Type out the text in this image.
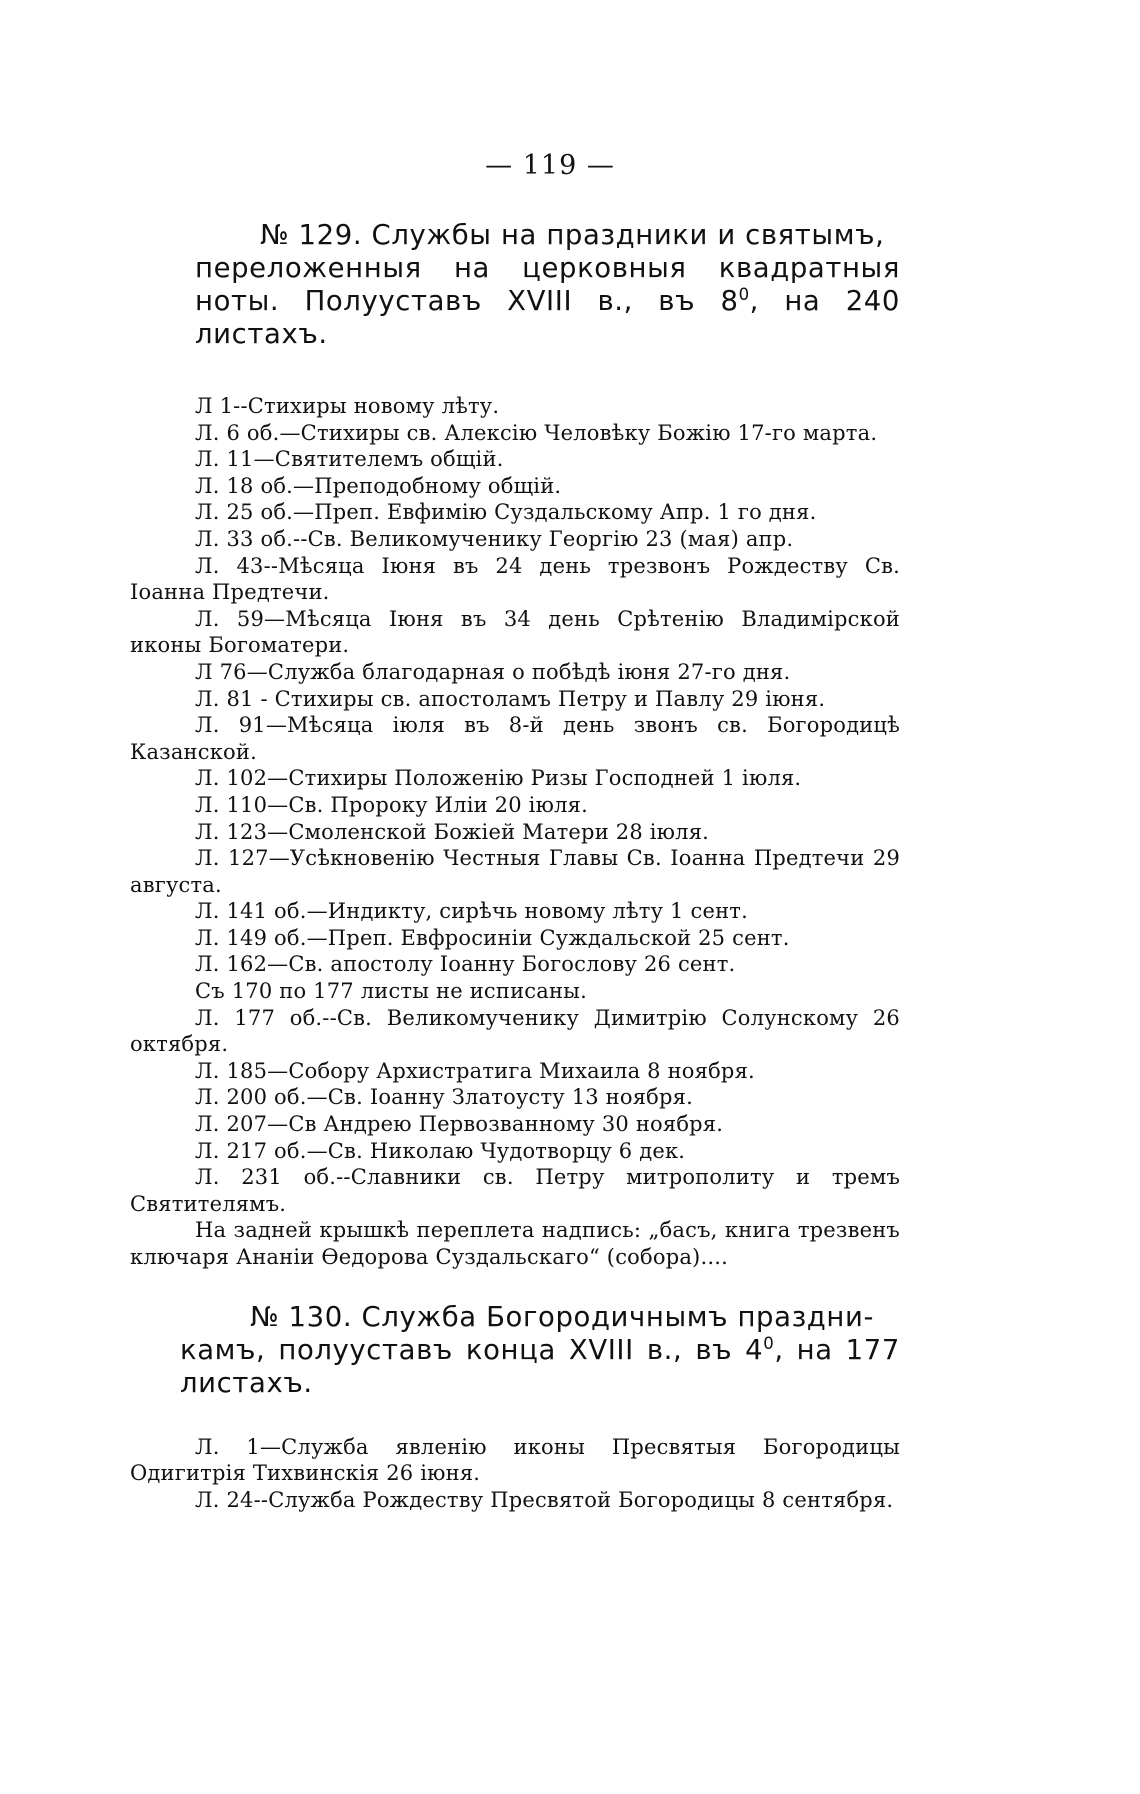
— 119 —
№ 129. Службы на праздники и святымъ,
переложенныя на церковныя квадратныя ноты. Полууставъ XVIII в., въ $8^0$, на 240 листахъ.

Л 1--Стихиры новому лѣту.

Л. 6 об.—Стихиры св. Алексію Человѣку Божію 17-го марта.

Л. 11—Святителемъ общій.

Л. 18 об.—Преподобному общій.

Л. 25 об.—Преп. Евфимію Суздальскому Апр. 1 го дня.

Л. 33 об.--Св. Великомученику Георгію 23 (мая) апр.

Л. 43--Мѣсяца Іюня въ 24 день трезвонъ Рождеству Св. Іоанна Предтечи.

Л. 59—Мѣсяца Іюня въ 34 день Срѣтенію Владимірской иконы Богоматери.

Л 76—Служба благодарная о побѣдѣ іюня 27-го дня.

Л. 81 - Стихиры св. апостоламъ Петру и Павлу 29 іюня.

Л. 91—Мѣсяца іюля въ 8-й день звонъ св. Богородицѣ Казанской.

Л. 102—Стихиры Положенію Ризы Господней 1 іюля.

Л. 110—Св. Пророку Иліи 20 іюля.

Л. 123—Смоленской Божіей Матери 28 іюля.

Л. 127—Усѣкновенію Честныя Главы Св. Іоанна Предтечи 29 августа.

Л. 141 об.—Индикту, сирѣчь новому лѣту 1 сент.

Л. 149 об.—Преп. Евфросиніи Суждальской 25 сент.

Л. 162—Св. апостолу Іоанну Богослову 26 сент.

Съ 170 по 177 листы не исписаны.

Л. 177 об.--Св. Великомученику Димитрію Солунскому 26 октября.

Л. 185—Собору Архистратига Михаила 8 ноября.

Л. 200 об.—Св. Іоанну Златоусту 13 ноября.

Л. 207—Св Андрею Первозванному 30 ноября.

Л. 217 об.—Св. Николаю Чудотворцу 6 дек.

Л. 231 об.--Славники св. Петру митрополиту и тремъ Святителямъ.

На задней крышкѣ переплета надпись: „басъ, книга трезвенъ ключаря Ананіи Ѳедорова Суздальскаго“ (собора)....

№ 130. Служба Богородичнымъ праздни-
камъ, полууставъ конца XVIII в., въ $4^0$, на 177 листахъ.

Л. 1—Служба явленію иконы Пресвятыя Богородицы Одигитрія Тихвинскія 26 іюня.

Л. 24--Служба Рождеству Пресвятой Богородицы 8 сентября.
